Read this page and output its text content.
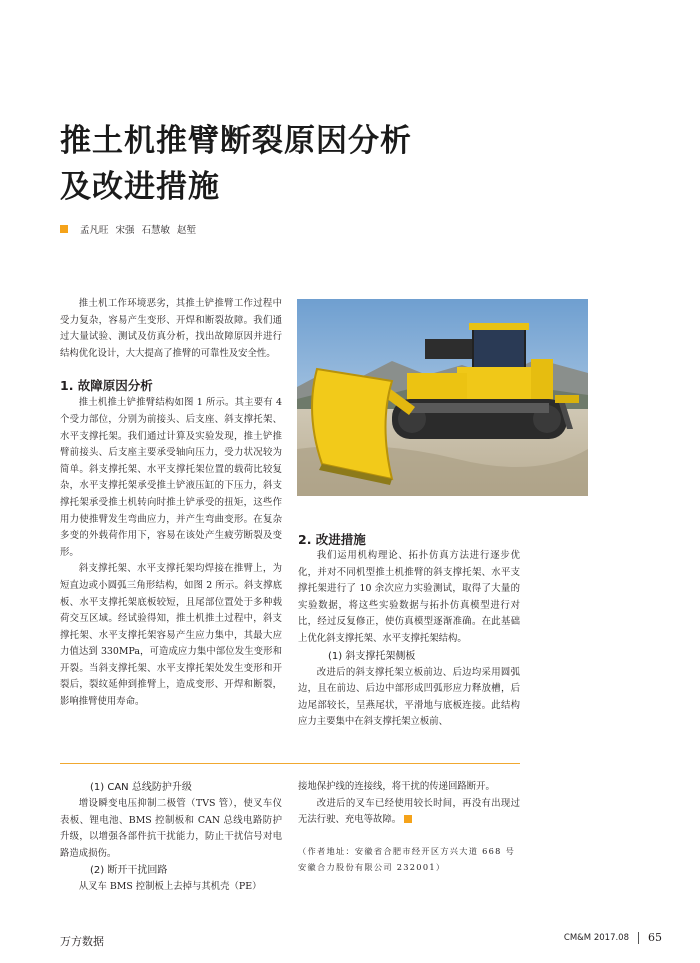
推土机推臂断裂原因分析
及改进措施
孟凡旺 宋强 石慧敏 赵堑

推土机工作环境恶劣，其推土铲推臂工作过程中受力复杂，容易产生变形、开焊和断裂故障。我们通过大量试验、测试及仿真分析，找出故障原因并进行结构优化设计，大大提高了推臂的可靠性及安全性。

1. 故障原因分析

推土机推土铲推臂结构如图 1 所示。其主要有 4 个受力部位，分别为前接头、后支座、斜支撑托架、水平支撑托架。我们通过计算及实验发现，推土铲推臂前接头、后支座主要承受轴向压力，受力状况较为简单。斜支撑托架、水平支撑托架位置的载荷比较复杂，水平支撑托架承受推土铲液压缸的下压力，斜支撑托架承受推土机转向时推土铲承受的扭矩，这些作用力使推臂发生弯曲应力，并产生弯曲变形。在复杂多变的外载荷作用下，容易在该处产生疲劳断裂及变形。

斜支撑托架、水平支撑托架均焊接在推臂上，为短直边或小圆弧三角形结构，如图 2 所示。斜支撑底板、水平支撑托架底板较短，且尾部位置处于多种载荷交互区域。经试验得知，推土机推土过程中，斜支撑托架、水平支撑托架容易产生应力集中，其最大应力值达到 330MPa，可造成应力集中部位发生变形和开裂。当斜支撑托架、水平支撑托架处发生变形和开裂后，裂纹延伸到推臂上，造成变形、开焊和断裂，影响推臂使用寿命。

2. 改进措施

我们运用机构理论、拓扑仿真方法进行逐步优化，并对不同机型推土机推臂的斜支撑托架、水平支撑托架进行了 10 余次应力实验测试，取得了大量的实验数据，将这些实验数据与拓扑仿真模型进行对比，经过反复修正，使仿真模型逐渐准确。在此基础上优化斜支撑托架、水平支撑托架结构。

(1) 斜支撑托架侧板

改进后的斜支撑托架立板前边、后边均采用圆弧边，且在前边、后边中部形成凹弧形应力释放槽，后边尾部较长，呈燕尾状，平滑地与底板连接。此结构应力主要集中在斜支撑托架立板前、

(1) CAN 总线防护升级

增设瞬变电压抑制二极管（TVS 管），使叉车仪表板、锂电池、BMS 控制板和 CAN 总线电路防护升级，以增强各部件抗干扰能力，防止干扰信号对电路造成损伤。

(2) 断开干扰回路

从叉车 BMS 控制板上去掉与其机壳（PE）

接地保护线的连接线，将干扰的传递回路断开。

改进后的叉车已经使用较长时间，再没有出现过无法行驶、充电等故障。

（作者地址：安徽省合肥市经开区方兴大道 668 号
安徽合力股份有限公司 232001）
万方数据	CM&M 2017.08 65
